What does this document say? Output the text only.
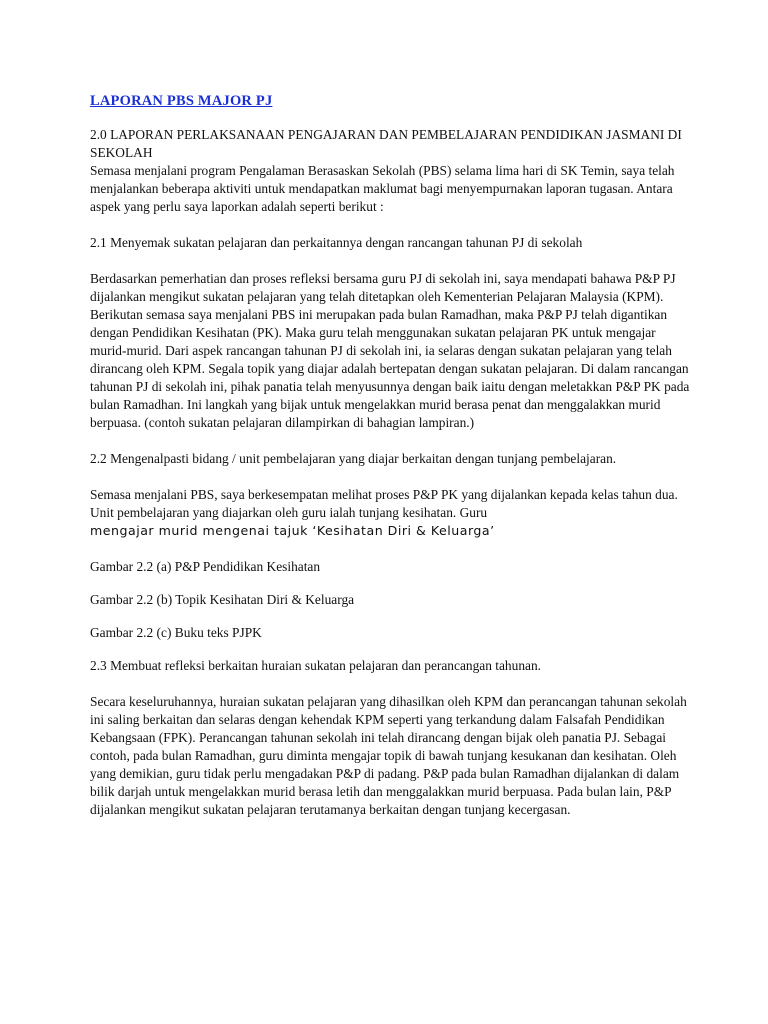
LAPORAN PBS MAJOR PJ
2.0 LAPORAN PERLAKSANAAN PENGAJARAN DAN PEMBELAJARAN PENDIDIKAN JASMANI DI SEKOLAH
Semasa menjalani program Pengalaman Berasaskan Sekolah (PBS) selama lima hari di SK Temin, saya telah menjalankan beberapa aktiviti untuk mendapatkan maklumat bagi menyempurnakan laporan tugasan. Antara aspek yang perlu saya laporkan adalah seperti berikut :
2.1 Menyemak sukatan pelajaran dan perkaitannya dengan rancangan tahunan PJ di sekolah
Berdasarkan pemerhatian dan proses refleksi bersama guru PJ di sekolah ini, saya mendapati bahawa P&P PJ dijalankan mengikut sukatan pelajaran yang telah ditetapkan oleh Kementerian Pelajaran Malaysia (KPM). Berikutan semasa saya menjalani PBS ini merupakan pada bulan Ramadhan, maka P&P PJ telah digantikan dengan Pendidikan Kesihatan (PK). Maka guru telah menggunakan sukatan pelajaran PK untuk mengajar murid-murid. Dari aspek rancangan tahunan PJ di sekolah ini, ia selaras dengan sukatan pelajaran yang telah dirancang oleh KPM. Segala topik yang diajar adalah bertepatan dengan sukatan pelajaran. Di dalam rancangan tahunan PJ di sekolah ini, pihak panatia telah menyusunnya dengan baik iaitu dengan meletakkan P&P PK pada bulan Ramadhan. Ini langkah yang bijak untuk mengelakkan murid berasa penat dan menggalakkan murid berpuasa. (contoh sukatan pelajaran dilampirkan di bahagian lampiran.)
2.2 Mengenalpasti bidang / unit pembelajaran yang diajar berkaitan dengan tunjang pembelajaran.
Semasa menjalani PBS, saya berkesempatan melihat proses P&P PK yang dijalankan kepada kelas tahun dua. Unit pembelajaran yang diajarkan oleh guru ialah tunjang kesihatan. Guru
mengajar murid mengenai tajuk ‘Kesihatan Diri & Keluarga’
Gambar 2.2 (a) P&P Pendidikan Kesihatan
Gambar 2.2 (b) Topik Kesihatan Diri & Keluarga
Gambar 2.2 (c) Buku teks PJPK
2.3 Membuat refleksi berkaitan huraian sukatan pelajaran dan perancangan tahunan.
Secara keseluruhannya, huraian sukatan pelajaran yang dihasilkan oleh KPM dan perancangan tahunan sekolah ini saling berkaitan dan selaras dengan kehendak KPM seperti yang terkandung dalam Falsafah Pendidikan Kebangsaan (FPK). Perancangan tahunan sekolah ini telah dirancang dengan bijak oleh panatia PJ. Sebagai contoh, pada bulan Ramadhan, guru diminta mengajar topik di bawah tunjang kesukanan dan kesihatan. Oleh yang demikian, guru tidak perlu mengadakan P&P di padang. P&P pada bulan Ramadhan dijalankan di dalam bilik darjah untuk mengelakkan murid berasa letih dan menggalakkan murid berpuasa. Pada bulan lain, P&P dijalankan mengikut sukatan pelajaran terutamanya berkaitan dengan tunjang kecergasan.
